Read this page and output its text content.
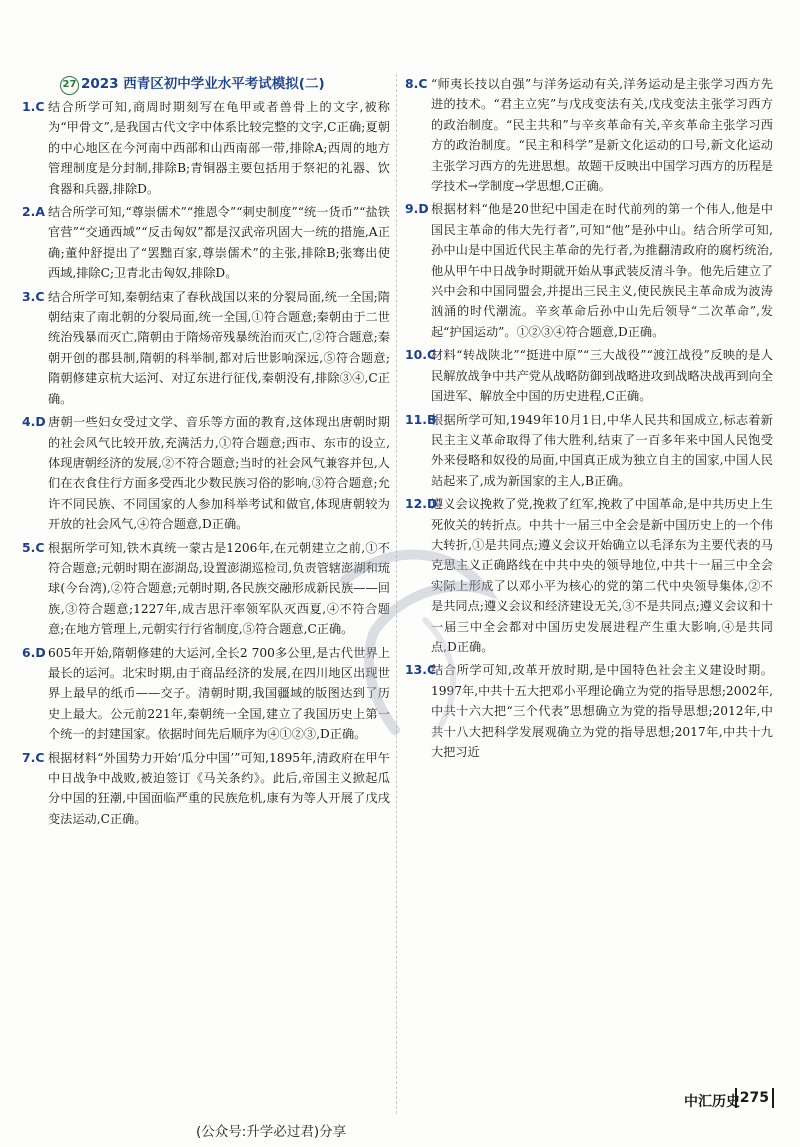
27 2023 西青区初中学业水平考试模拟(二)
1.C 结合所学可知,商周时期刻写在龟甲或者兽骨上的文字,被称为“甲骨文”,是我国古代文字中体系比较完整的文字,C正确;夏朝的中心地区在今河南中西部和山西南部一带,排除A;西周的地方管理制度是分封制,排除B;青铜器主要包括用于祭祀的礼器、饮食器和兵器,排除D。
2.A 结合所学可知,“尊崇儒术”“推恩令”“刺史制度”“统一货币”“盐铁官营”“交通西域”“反击匈奴”都是汉武帝巩固大一统的措施,A正确;董仲舒提出了“罢黜百家,尊崇儒术”的主张,排除B;张骞出使西域,排除C;卫青北击匈奴,排除D。
3.C 结合所学可知,秦朝结束了春秋战国以来的分裂局面,统一全国;隋朝结束了南北朝的分裂局面,统一全国,①符合题意;秦朝由于二世统治残暴而灭亡,隋朝由于隋炀帝残暴统治而灭亡,②符合题意;秦朝开创的郡县制,隋朝的科举制,都对后世影响深远,⑤符合题意;隋朝修建京杭大运河、对辽东进行征伐,秦朝没有,排除③④,C正确。
4.D 唐朝一些妇女受过文学、音乐等方面的教育,这体现出唐朝时期的社会风气比较开放,充满活力,①符合题意;西市、东市的设立,体现唐朝经济的发展,②不符合题意;当时的社会风气兼容并包,人们在衣食住行方面多受西北少数民族习俗的影响,③符合题意;允许不同民族、不同国家的人参加科举考试和做官,体现唐朝较为开放的社会风气,④符合题意,D正确。
5.C 根据所学可知,铁木真统一蒙古是1206年,在元朝建立之前,①不符合题意;元朝时期在澎湖岛,设置澎湖巡检司,负责管辖澎湖和琉球(今台湾),②符合题意;元朝时期,各民族交融形成新民族——回族,③符合题意;1227年,成吉思汗率领军队灭西夏,④不符合题意;在地方管理上,元朝实行行省制度,⑤符合题意,C正确。
6.D 605年开始,隋朝修建的大运河,全长2 700多公里,是古代世界上最长的运河。北宋时期,由于商品经济的发展,在四川地区出现世界上最早的纸币——交子。清朝时期,我国疆域的版图达到了历史上最大。公元前221年,秦朝统一全国,建立了我国历史上第一个统一的封建国家。依据时间先后顺序为④①②③,D正确。
7.C 根据材料“外国势力开始‘瓜分中国’”可知,1895年,清政府在甲午中日战争中战败,被迫签订《马关条约》。此后,帝国主义掀起瓜分中国的狂潮,中国面临严重的民族危机,康有为等人开展了戊戌变法运动,C正确。
8.C “师夷长技以自强”与洋务运动有关,洋务运动是主张学习西方先进的技术。“君主立宪”与戊戌变法有关,戊戌变法主张学习西方的政治制度。“民主共和”与辛亥革命有关,辛亥革命主张学习西方的政治制度。“民主和科学”是新文化运动的口号,新文化运动主张学习西方的先进思想。故题干反映出中国学习西方的历程是学技术→学制度→学思想,C正确。
9.D 根据材料“他是20世纪中国走在时代前列的第一个伟人,他是中国民主革命的伟大先行者”,可知“他”是孙中山。结合所学可知,孙中山是中国近代民主革命的先行者,为推翻清政府的腐朽统治,他从甲午中日战争时期就开始从事武装反清斗争。他先后建立了兴中会和中国同盟会,并提出三民主义,使民族民主革命成为波涛汹涌的时代潮流。辛亥革命后孙中山先后领导“二次革命”,发起“护国运动”。①②③④符合题意,D正确。
10.C
材料“转战陕北”“挺进中原”“三大战役”“渡江战役”反映的是人民解放战争中共产党从战略防御到战略进攻到战略决战再到向全国进军、解放全中国的历史进程,C正确。
11.B
根据所学可知,1949年10月1日,中华人民共和国成立,标志着新民主主义革命取得了伟大胜利,结束了一百多年来中国人民饱受外来侵略和奴役的局面,中国真正成为独立自主的国家,中国人民站起来了,成为新国家的主人,B正确。
12.D
遵义会议挽救了党,挽救了红军,挽救了中国革命,是中共历史上生死攸关的转折点。中共十一届三中全会是新中国历史上的一个伟大转折,①是共同点;遵义会议开始确立以毛泽东为主要代表的马克思主义正确路线在中共中央的领导地位,中共十一届三中全会实际上形成了以邓小平为核心的党的第二代中央领导集体,②不是共同点;遵义会议和经济建设无关,③不是共同点;遵义会议和十一届三中全会都对中国历史发展进程产生重大影响,④是共同点,D正确。
13.C
结合所学可知,改革开放时期,是中国特色社会主义建设时期。1997年,中共十五大把邓小平理论确立为党的指导思想;2002年,中共十六大把“三个代表”思想确立为党的指导思想;2012年,中共十八大把科学发展观确立为党的指导思想;2017年,中共十九大把习近
中汇历史 275
(公众号:升学必过君)分享
